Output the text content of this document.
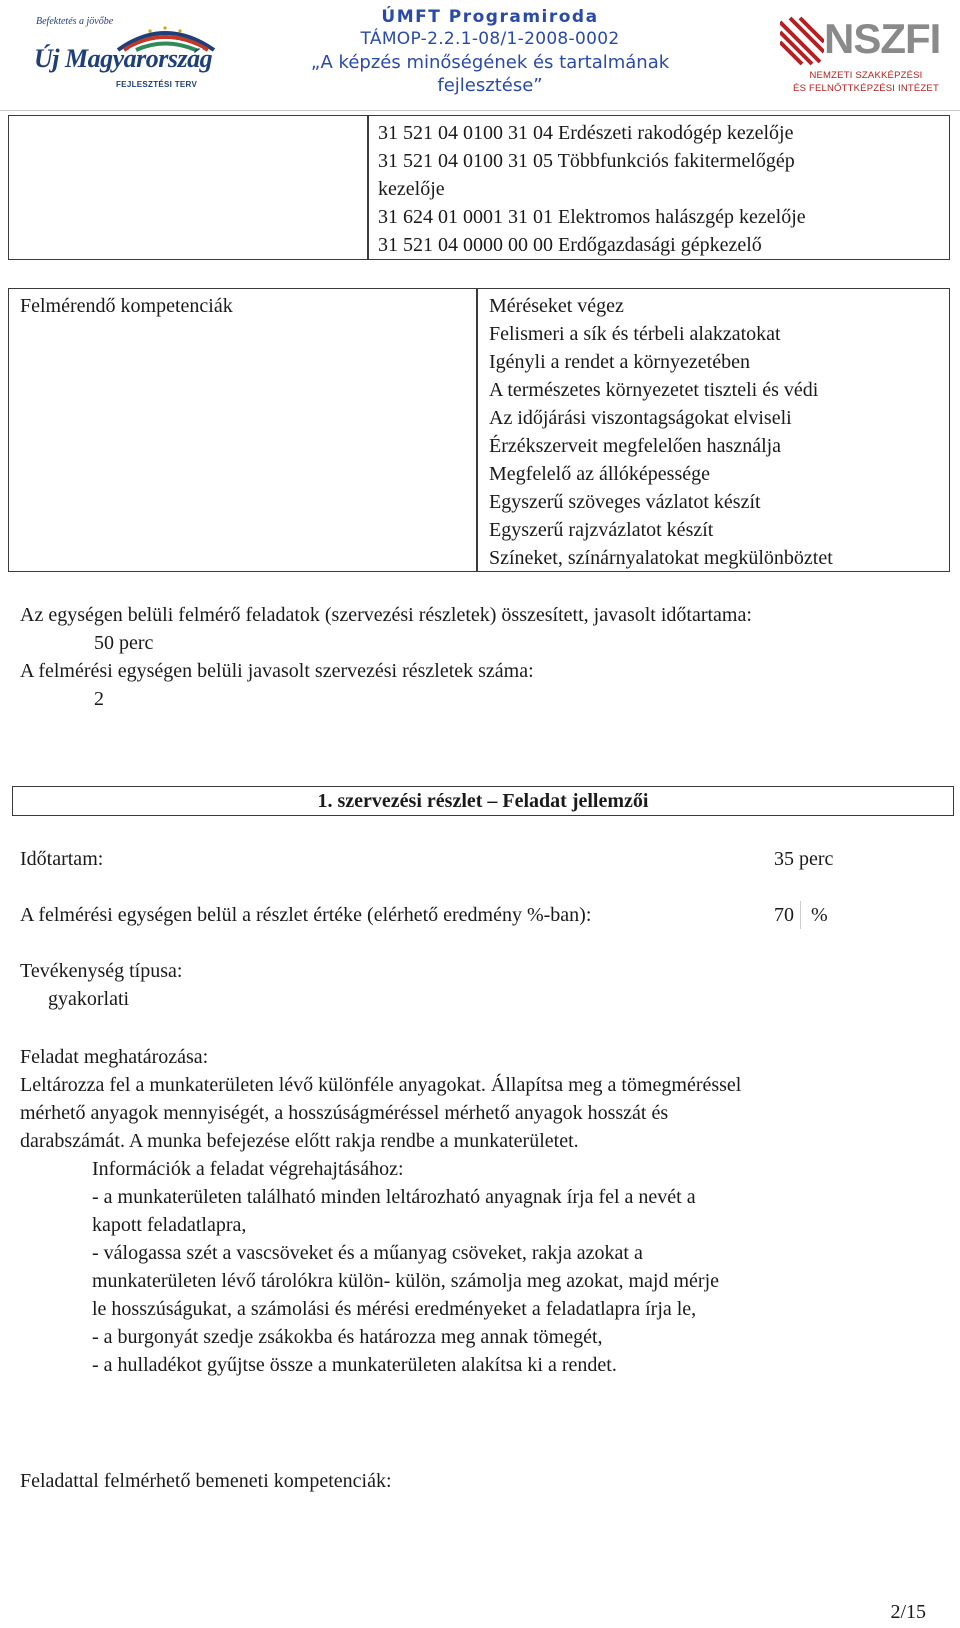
Befektetés a jövőbe
Új Magyarország
FEJLESZTÉSI TERV
ÚMFT Programiroda
TÁMOP-2.2.1-08/1-2008-0002
„A képzés minőségének és tartalmának
fejlesztése”
NSZFI
NEMZETI SZAKKÉPZÉSI
ÉS FELNŐTTKÉPZÉSI INTÉZET
31 521 04 0100 31 04 Erdészeti rakodógép kezelője
31 521 04 0100 31 05 Többfunkciós fakitermelőgép
kezelője
31 624 01 0001 31 01 Elektromos halászgép kezelője
31 521 04 0000 00 00 Erdőgazdasági gépkezelő
Felmérendő kompetenciák	Méréseket végez
Felismeri a sík és térbeli alakzatokat
Igényli a rendet a környezetében
A természetes környezetet tiszteli és védi
Az időjárási viszontagságokat elviseli
Érzékszerveit megfelelően használja
Megfelelő az állóképessége
Egyszerű szöveges vázlatot készít
Egyszerű rajzvázlatot készít
Színeket, színárnyalatokat megkülönböztet
Az egységen belüli felmérő feladatok (szervezési részletek) összesített, javasolt időtartama:
50 perc
A felmérési egységen belüli javasolt szervezési részletek száma:
2
1. szervezési részlet – Feladat jellemzői
Időtartam:	35 perc
A felmérési egységen belül a részlet értéke (elérhető eredmény %-ban):	70 %
Tevékenység típusa:
gyakorlati
Feladat meghatározása:
Leltározza fel a munkaterületen lévő különféle anyagokat. Állapítsa meg a tömegméréssel
mérhető anyagok mennyiségét, a hosszúságméréssel mérhető anyagok hosszát és
darabszámát. A munka befejezése előtt rakja rendbe a munkaterületet.
Információk a feladat végrehajtásához:
- a munkaterületen található minden leltározható anyagnak írja fel a nevét a
kapott feladatlapra,
- válogassa szét a vascsöveket és a műanyag csöveket, rakja azokat a
munkaterületen lévő tárolókra külön- külön, számolja meg azokat, majd mérje
le hosszúságukat, a számolási és mérési eredményeket a feladatlapra írja le,
- a burgonyát szedje zsákokba és határozza meg annak tömegét,
- a hulladékot gyűjtse össze a munkaterületen alakítsa ki a rendet.
Feladattal felmérhető bemeneti kompetenciák:
2/15
